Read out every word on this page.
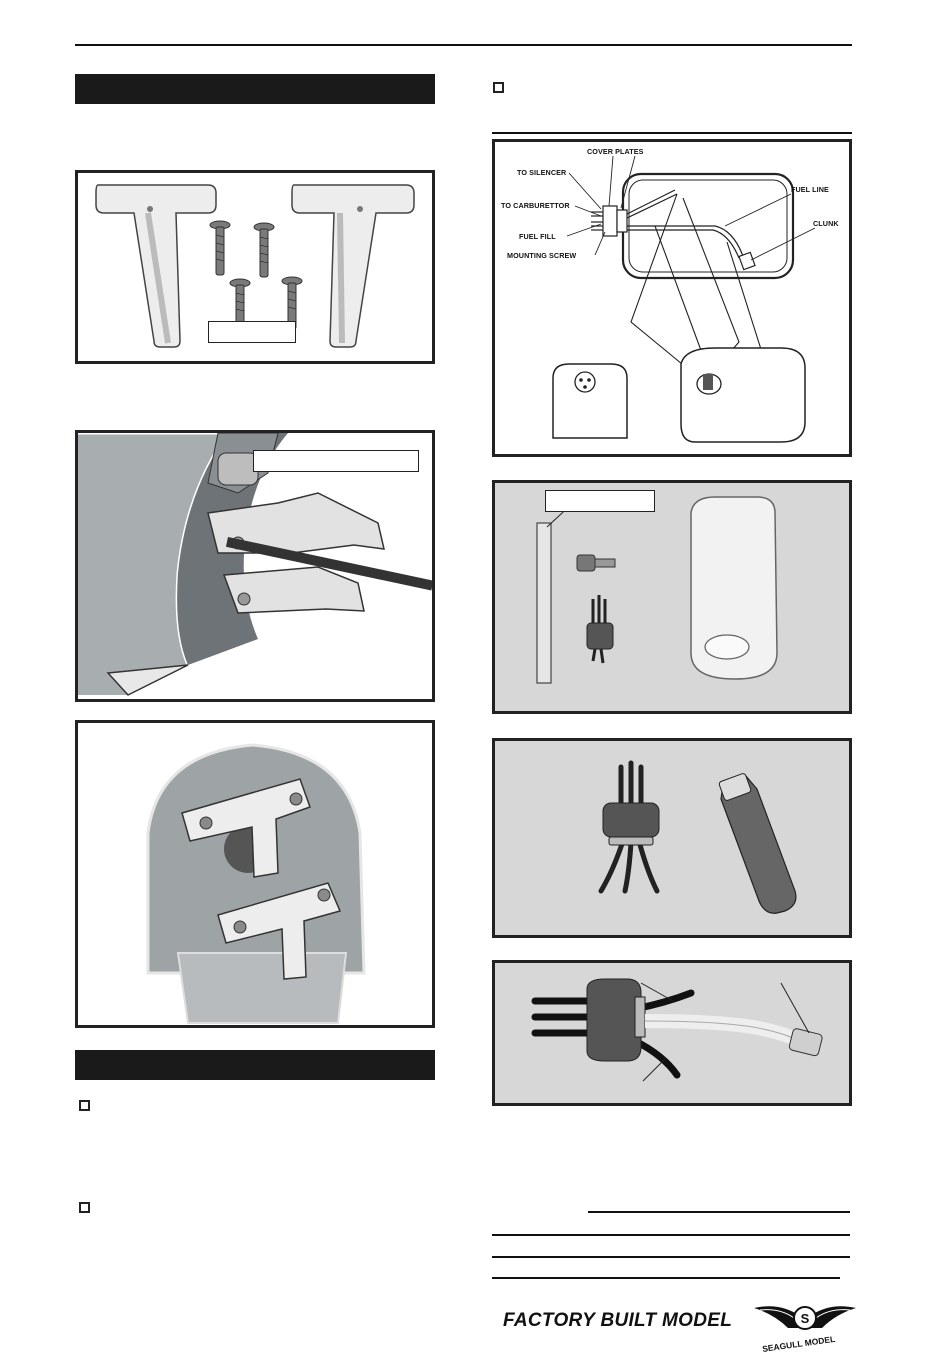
COVER PLATES
TO SILENCER
TO CARBURETTOR
FUEL FILL
MOUNTING SCREW
FUEL LINE
CLUNK
FACTORY BUILT MODEL	S
SEAGULL MODEL
